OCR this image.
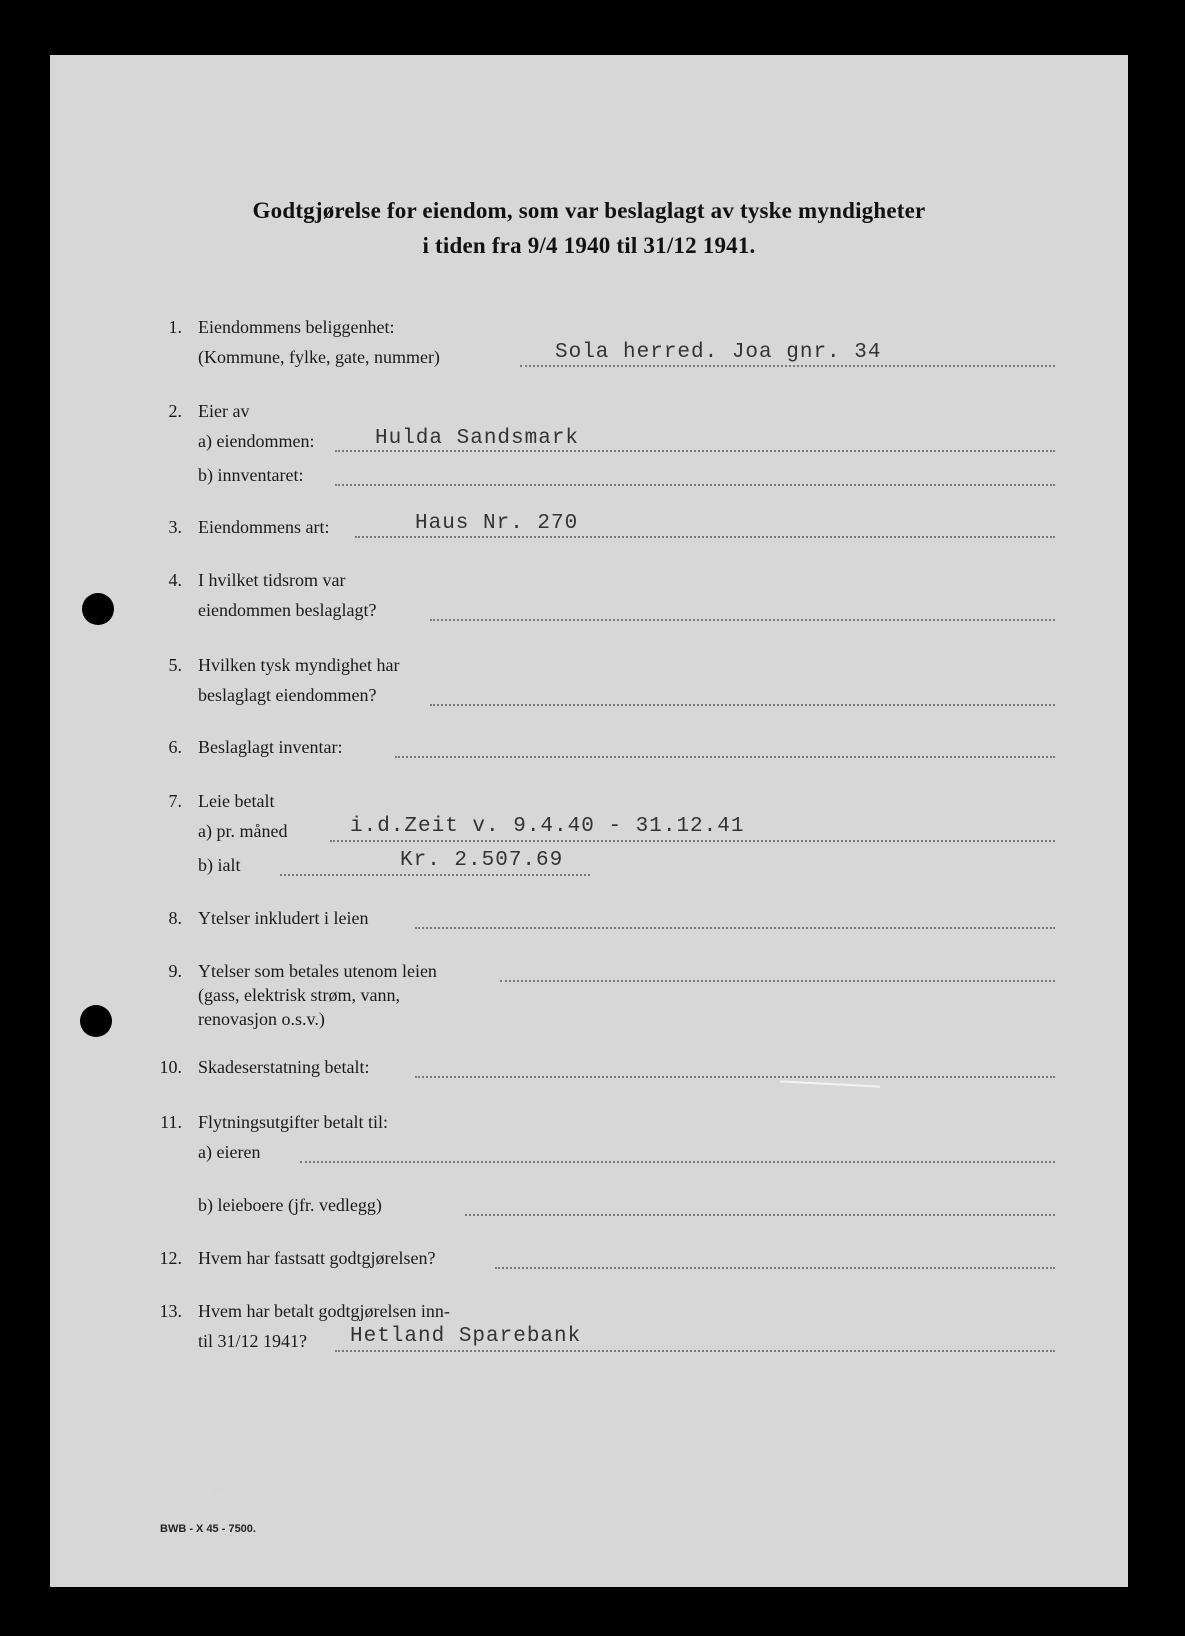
Godtgjørelse for eiendom, som var beslaglagt av tyske myndigheter
i tiden fra 9/4 1940 til 31/12 1941.
1. Eiendommens beliggenhet:
(Kommune, fylke, gate, nummer)	Sola herred. Joa gnr. 34
2. Eier av
a) eiendommen:	Hulda Sandsmark
b) innventaret:
3. Eiendommens art:	Haus Nr. 270
4. I hvilket tidsrom var
eiendommen beslaglagt?
5. Hvilken tysk myndighet har
beslaglagt eiendommen?
6. Beslaglagt inventar:
7. Leie betalt
a) pr. måned	i.d.Zeit v. 9.4.40 - 31.12.41
b) ialt	Kr. 2.507.69
8. Ytelser inkludert i leien
9. Ytelser som betales utenom leien
(gass, elektrisk strøm, vann,
renovasjon o.s.v.)
10. Skadeserstatning betalt:
11. Flytningsutgifter betalt til:
a) eieren
b) leieboere (jfr. vedlegg)
12. Hvem har fastsatt godtgjørelsen?
13. Hvem har betalt godtgjørelsen inn-
til 31/12 1941? Hetland Sparebank
·.·.
BWB - X 45 - 7500.
